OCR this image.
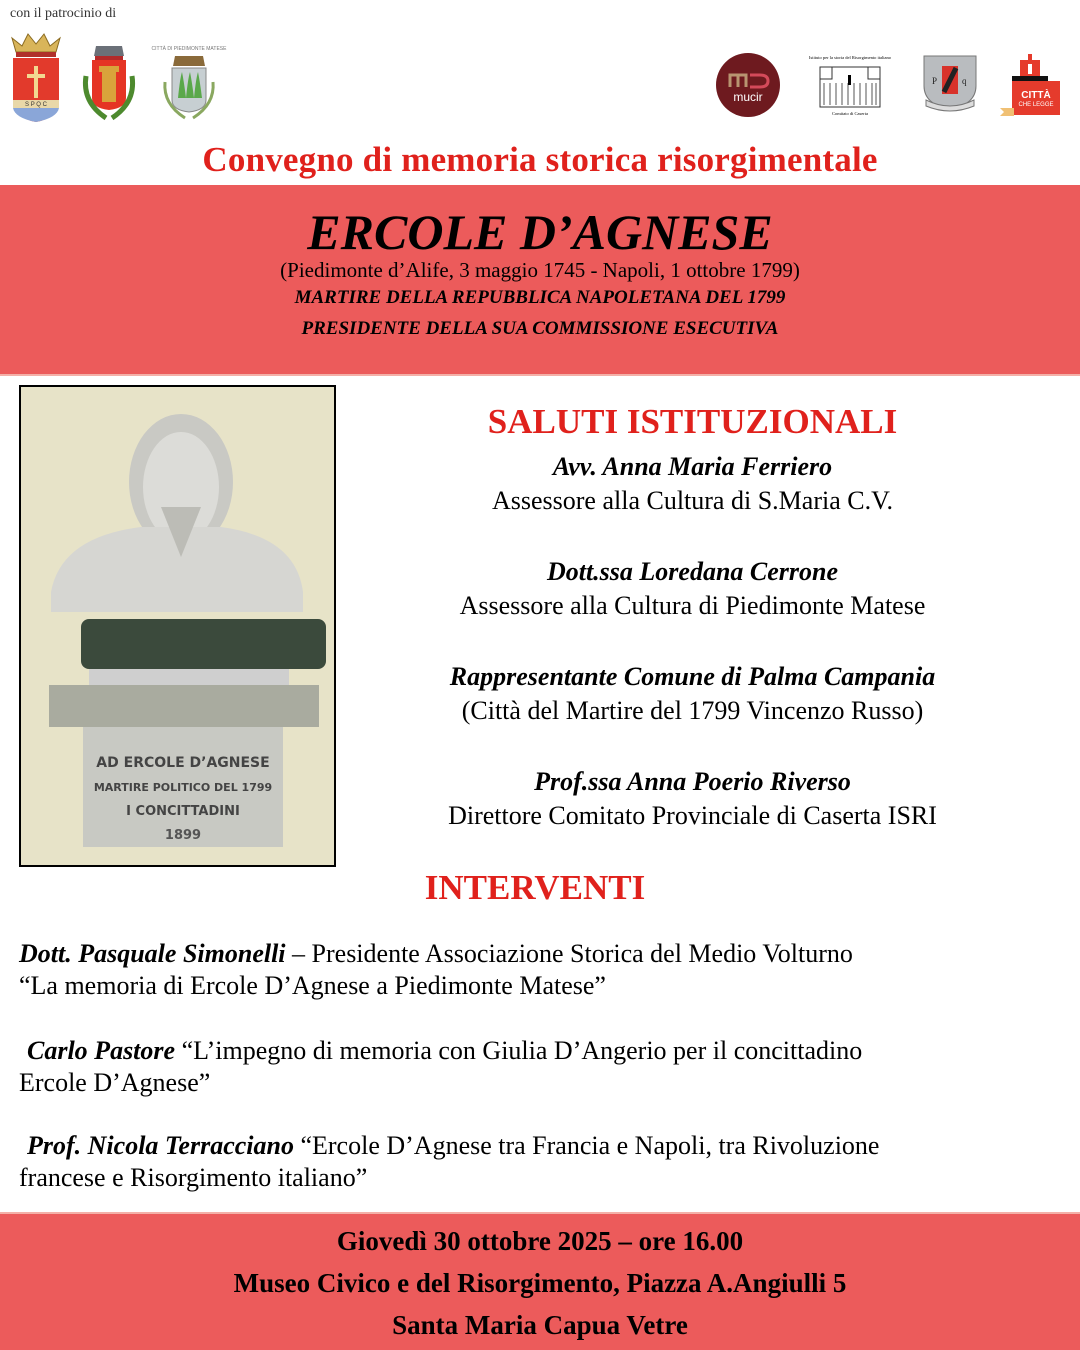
con il patrocinio di
S P Q C
CITTÀ DI PIEDIMONTE MATESE
mucir
Istituto per la storia del Risorgimento italiano
Comitato di Caserta
P	q
CITTÀ
CHE LEGGE
Convegno di memoria storica risorgimentale
ERCOLE D’AGNESE
(Piedimonte d’Alife, 3 maggio 1745 - Napoli, 1 ottobre 1799)
MARTIRE DELLA REPUBBLICA NAPOLETANA DEL 1799
PRESIDENTE DELLA SUA COMMISSIONE ESECUTIVA
AD ERCOLE D’AGNESE
MARTIRE POLITICO DEL 1799
I CONCITTADINI
1899
SALUTI ISTITUZIONALI
Avv. Anna Maria Ferriero
Assessore alla Cultura di S.Maria C.V.
Dott.ssa Loredana Cerrone
Assessore alla Cultura di Piedimonte Matese
Rappresentante Comune di Palma Campania
(Città del Martire del 1799 Vincenzo Russo)
Prof.ssa Anna Poerio Riverso
Direttore Comitato Provinciale di Caserta ISRI
INTERVENTI
Dott. Pasquale Simonelli – Presidente Associazione Storica del Medio Volturno
“La memoria di Ercole D’Agnese a Piedimonte Matese”
Carlo Pastore “L’impegno di memoria con Giulia D’Angerio per il concittadino
Ercole D’Agnese”
Prof. Nicola Terracciano “Ercole D’Agnese tra Francia e Napoli, tra Rivoluzione
francese e Risorgimento italiano”
Giovedì 30 ottobre 2025 – ore 16.00
Museo Civico e del Risorgimento, Piazza A.Angiulli 5
Santa Maria Capua Vetre
